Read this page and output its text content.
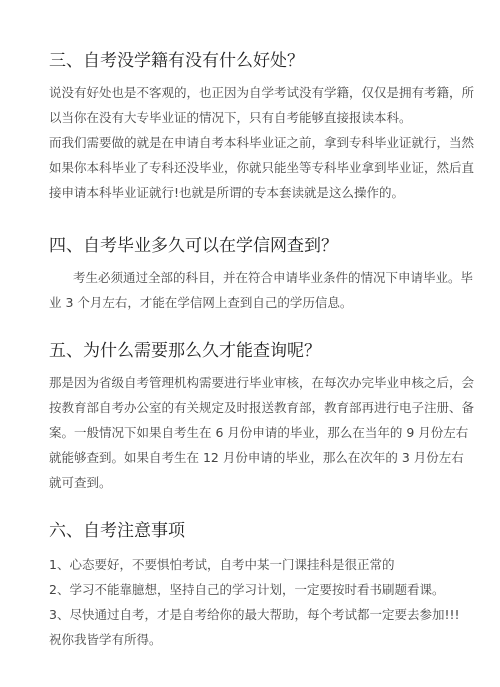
三、自考没学籍有没有什么好处？

说没有好处也是不客观的，也正因为自学考试没有学籍，仅仅是拥有考籍，所以当你在没有大专毕业证的情况下，只有自考能够直接报读本科。

而我们需要做的就是在申请自考本科毕业证之前，拿到专科毕业证就行，当然如果你本科毕业了专科还没毕业，你就只能坐等专科毕业拿到毕业证，然后直接申请本科毕业证就行!也就是所谓的专本套读就是这么操作的。

四、自考毕业多久可以在学信网查到？

考生必须通过全部的科目，并在符合申请毕业条件的情况下申请毕业。毕业 3 个月左右，才能在学信网上查到自己的学历信息。

五、为什么需要那么久才能查询呢？

那是因为省级自考管理机构需要进行毕业审核，在每次办完毕业申核之后，会按教育部自考办公室的有关规定及时报送教育部，教育部再进行电子注册、备案。一般情况下如果自考生在 6 月份申请的毕业，那么在当年的 9 月份左右就能够查到。如果自考生在 12 月份申请的毕业，那么在次年的 3 月份左右就可查到。

六、自考注意事项

1、心态要好，不要惧怕考试，自考中某一门课挂科是很正常的

2、学习不能靠臆想，坚持自己的学习计划，一定要按时看书刷题看课。

3、尽快通过自考，才是自考给你的最大帮助，每个考试都一定要去参加!!!

祝你我皆学有所得。
